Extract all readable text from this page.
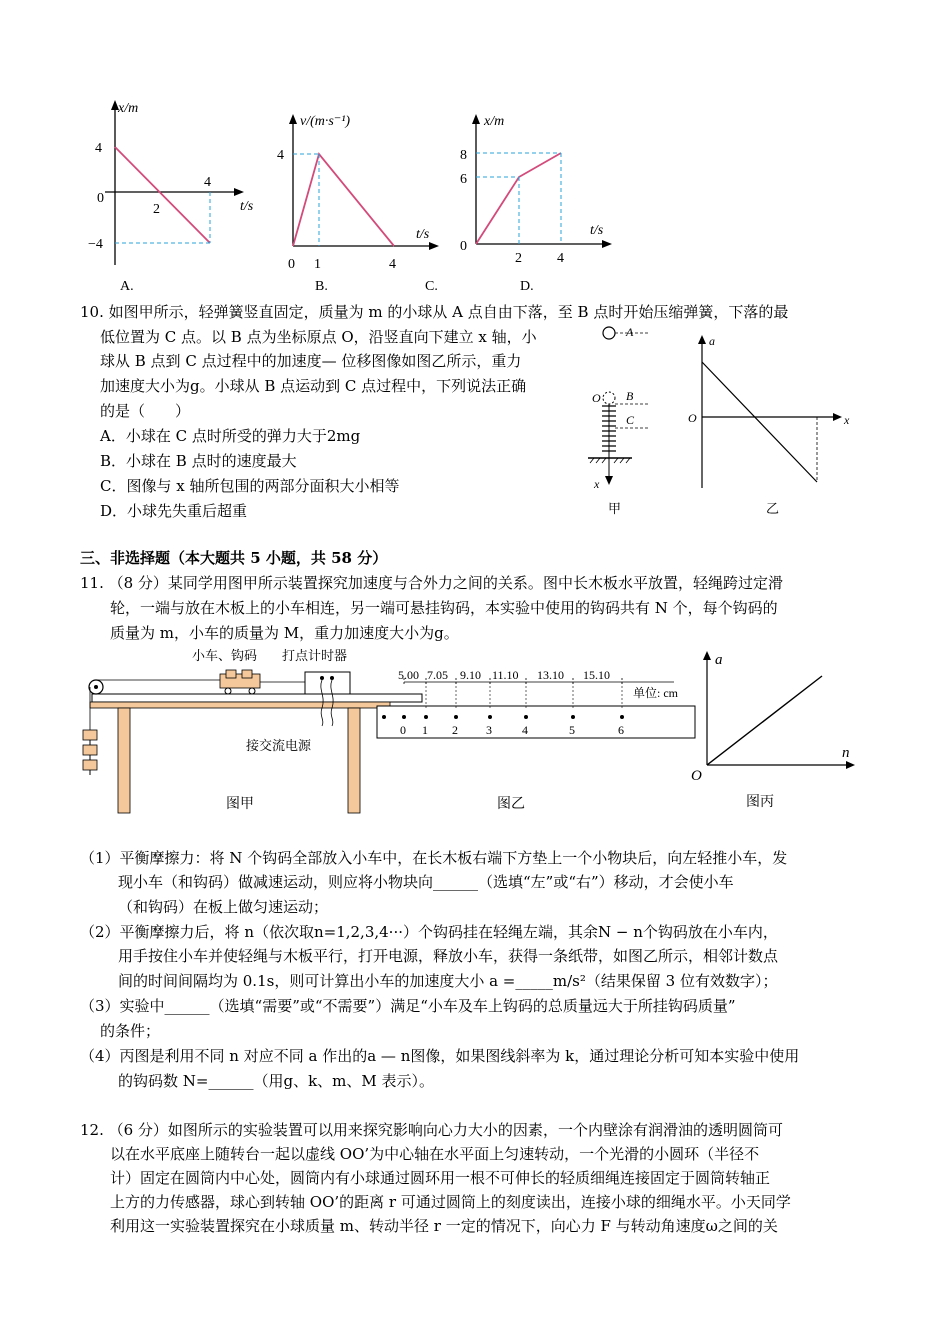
x/m
t/s
4
0
−4
2
4
A.
v/(m·s⁻¹)
t/s
4
0 1	4
B.
x/m
t/s
8
6
0
2	4
C.	D.
10. 如图甲所示，轻弹簧竖直固定，质量为 m 的小球从 A 点自由下落，至 B 点时开始压缩弹簧，下落的最
低位置为 C 点。以 B 点为坐标原点 O，沿竖直向下建立 x 轴，小
球从 B 点到 C 点过程中的加速度— 位移图像如图乙所示，重力
加速度大小为g。小球从 B 点运动到 C 点过程中，下列说法正确
的是（　　）
A．小球在 C 点时所受的弹力大于2mg
B．小球在 B 点时的速度最大
C．图像与 x 轴所包围的两部分面积大小相等
D．小球先失重后超重
A
B
C
O
x
甲
a
O	x
乙
三、非选择题（本大题共 5 小题，共 58 分）
11. （8 分）某同学用图甲所示装置探究加速度与合外力之间的关系。图中长木板水平放置，轻绳跨过定滑
轮，一端与放在木板上的小车相连，另一端可悬挂钩码，本实验中使用的钩码共有 N 个，每个钩码的
质量为 m，小车的质量为 M，重力加速度大小为g。
小车、钩码 打点计时器
接交流电源
图甲
5.00 7.05 9.10 11.10 13.10 15.10
单位: cm
0 1 2 3	4	5	6
图乙
a
n
O
图丙
（1）平衡摩擦力：将 N 个钩码全部放入小车中，在长木板右端下方垫上一个小物块后，向左轻推小车，发
现小车（和钩码）做减速运动，则应将小物块向______（选填“左”或“右”）移动，才会使小车
（和钩码）在板上做匀速运动；
（2）平衡摩擦力后，将 n（依次取n=1,2,3,4···）个钩码挂在轻绳左端，其余N − n个钩码放在小车内，
用手按住小车并使轻绳与木板平行，打开电源，释放小车，获得一条纸带，如图乙所示，相邻计数点
间的时间间隔均为 0.1s，则可计算出小车的加速度大小 a =_____m/s²（结果保留 3 位有效数字）；
（3）实验中______（选填“需要”或“不需要”）满足“小车及车上钩码的总质量远大于所挂钩码质量”
的条件；
（4）丙图是利用不同 n 对应不同 a 作出的a — n图像，如果图线斜率为 k，通过理论分析可知本实验中使用
的钩码数 N=______（用g、k、m、M 表示）。
12. （6 分）如图所示的实验装置可以用来探究影响向心力大小的因素，一个内壁涂有润滑油的透明圆筒可
以在水平底座上随转台一起以虚线 OO’为中心轴在水平面上匀速转动，一个光滑的小圆环（半径不
计）固定在圆筒内中心处，圆筒内有小球通过圆环用一根不可伸长的轻质细绳连接固定于圆筒转轴正
上方的力传感器，球心到转轴 OO’的距离 r 可通过圆筒上的刻度读出，连接小球的细绳水平。小天同学
利用这一实验装置探究在小球质量 m、转动半径 r 一定的情况下，向心力 F 与转动角速度ω之间的关
